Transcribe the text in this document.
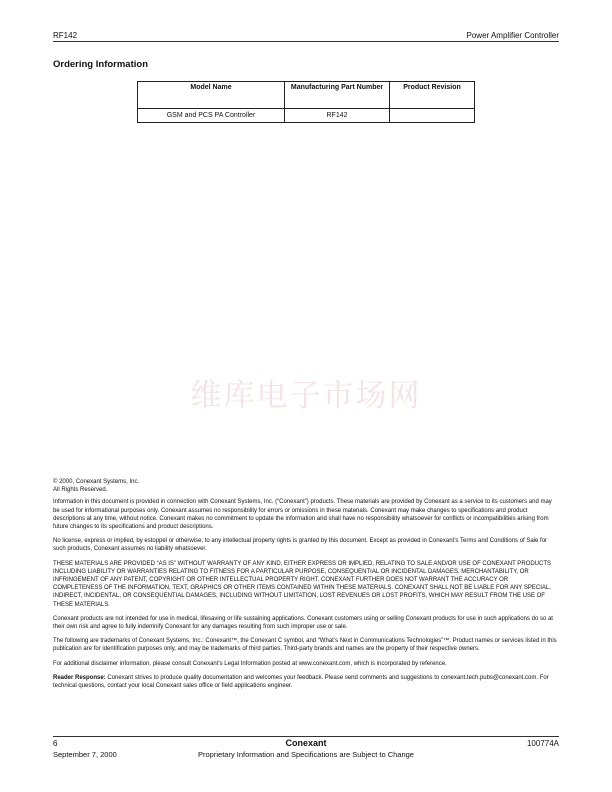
RF142	Power Amplifier Controller
Ordering Information
Model Name	Manufacturing Part Number	Product Revision
GSM and PCS PA Controller	RF142	
维库电子市场网
© 2000, Conexant Systems, Inc.
All Rights Reserved.

Information in this document is provided in connection with Conexant Systems, Inc. (“Conexant”) products. These materials are provided by Conexant as a service to its customers and may be used for informational purposes only. Conexant assumes no responsibility for errors or omissions in these materials. Conexant may make changes to specifications and product descriptions at any time, without notice. Conexant makes no commitment to update the information and shall have no responsibility whatsoever for conflicts or incompatibilities arising from future changes to its specifications and product descriptions.

No license, express or implied, by estoppel or otherwise, to any intellectual property rights is granted by this document. Except as provided in Conexant’s Terms and Conditions of Sale for such products, Conexant assumes no liability whatsoever.

THESE MATERIALS ARE PROVIDED “AS IS” WITHOUT WARRANTY OF ANY KIND, EITHER EXPRESS OR IMPLIED, RELATING TO SALE AND/OR USE OF CONEXANT PRODUCTS INCLUDING LIABILITY OR WARRANTIES RELATING TO FITNESS FOR A PARTICULAR PURPOSE, CONSEQUENTIAL OR INCIDENTAL DAMAGES, MERCHANTABILITY, OR INFRINGEMENT OF ANY PATENT, COPYRIGHT OR OTHER INTELLECTUAL PROPERTY RIGHT. CONEXANT FURTHER DOES NOT WARRANT THE ACCURACY OR COMPLETENESS OF THE INFORMATION, TEXT, GRAPHICS OR OTHER ITEMS CONTAINED WITHIN THESE MATERIALS. CONEXANT SHALL NOT BE LIABLE FOR ANY SPECIAL, INDIRECT, INCIDENTAL, OR CONSEQUENTIAL DAMAGES, INCLUDING WITHOUT LIMITATION, LOST REVENUES OR LOST PROFITS, WHICH MAY RESULT FROM THE USE OF THESE MATERIALS.

Conexant products are not intended for use in medical, lifesaving or life sustaining applications. Conexant customers using or selling Conexant products for use in such applications do so at their own risk and agree to fully indemnify Conexant for any damages resulting from such improper use or sale.

The following are trademarks of Conexant Systems, Inc.: Conexant™, the Conexant C symbol, and “What’s Next in Communications Technologies”™. Product names or services listed in this publication are for identification purposes only, and may be trademarks of third parties. Third-party brands and names are the property of their respective owners.

For additional disclaimer information, please consult Conexant’s Legal Information posted at www.conexant.com, which is incorporated by reference.

Reader Response: Conexant strives to produce quality documentation and welcomes your feedback. Please send comments and suggestions to conexant.tech.pubs@conexant.com. For technical questions, contact your local Conexant sales office or field applications engineer.

6	Conexant	100774A
September 7, 2000	Proprietary Information and Specifications are Subject to Change
